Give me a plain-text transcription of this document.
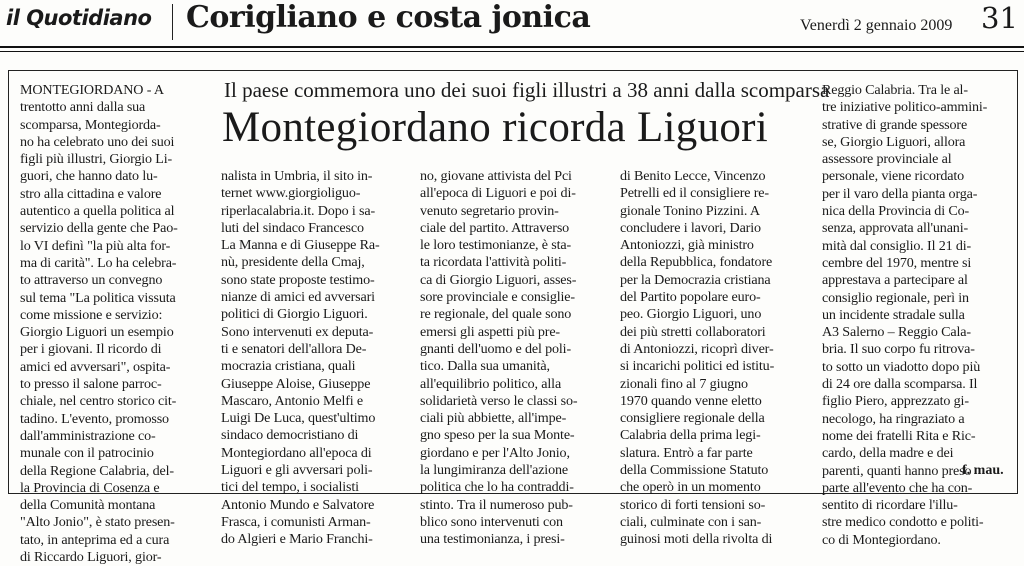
il Quotidiano Corigliano e costa jonica	Venerdì 2 gennaio 2009 31
Il paese commemora uno dei suoi figli illustri a 38 anni dalla scomparsa
Montegiordano ricorda Liguori
MONTEGIORDANO - A
trentotto anni dalla sua
scomparsa, Montegiorda-
no ha celebrato uno dei suoi
figli più illustri, Giorgio Li-
guori, che hanno dato lu-
stro alla cittadina e valore
autentico a quella politica al
servizio della gente che Pao-
lo VI definì "la più alta for-
ma di carità". Lo ha celebra-
to attraverso un convegno
sul tema "La politica vissuta
come missione e servizio:
Giorgio Liguori un esempio
per i giovani. Il ricordo di
amici ed avversari", ospita-
to presso il salone parroc-
chiale, nel centro storico cit-
tadino. L'evento, promosso
dall'amministrazione co-
munale con il patrocinio
della Regione Calabria, del-
la Provincia di Cosenza e
della Comunità montana
"Alto Jonio", è stato presen-
tato, in anteprima ed a cura
di Riccardo Liguori, gior-
nalista in Umbria, il sito in-
ternet www.giorgioliguo-
riperlacalabria.it. Dopo i sa-
luti del sindaco Francesco
La Manna e di Giuseppe Ra-
nù, presidente della Cmaj,
sono state proposte testimo-
nianze di amici ed avversari
politici di Giorgio Liguori.
Sono intervenuti ex deputa-
ti e senatori dell'allora De-
mocrazia cristiana, quali
Giuseppe Aloise, Giuseppe
Mascaro, Antonio Melfi e
Luigi De Luca, quest'ultimo
sindaco democristiano di
Montegiordano all'epoca di
Liguori e gli avversari poli-
tici del tempo, i socialisti
Antonio Mundo e Salvatore
Frasca, i comunisti Arman-
do Algieri e Mario Franchi-
no, giovane attivista del Pci
all'epoca di Liguori e poi di-
venuto segretario provin-
ciale del partito. Attraverso
le loro testimonianze, è sta-
ta ricordata l'attività politi-
ca di Giorgio Liguori, asses-
sore provinciale e consiglie-
re regionale, del quale sono
emersi gli aspetti più pre-
gnanti dell'uomo e del poli-
tico. Dalla sua umanità,
all'equilibrio politico, alla
solidarietà verso le classi so-
ciali più abbiette, all'impe-
gno speso per la sua Monte-
giordano e per l'Alto Jonio,
la lungimiranza dell'azione
politica che lo ha contraddi-
stinto. Tra il numeroso pub-
blico sono intervenuti con
una testimonianza, i presi-
di Benito Lecce, Vincenzo
Petrelli ed il consigliere re-
gionale Tonino Pizzini. A
concludere i lavori, Dario
Antoniozzi, già ministro
della Repubblica, fondatore
per la Democrazia cristiana
del Partito popolare euro-
peo. Giorgio Liguori, uno
dei più stretti collaboratori
di Antoniozzi, ricoprì diver-
si incarichi politici ed istitu-
zionali fino al 7 giugno
1970 quando venne eletto
consigliere regionale della
Calabria della prima legi-
slatura. Entrò a far parte
della Commissione Statuto
che operò in un momento
storico di forti tensioni so-
ciali, culminate con i san-
guinosi moti della rivolta di
Reggio Calabria. Tra le al-
tre iniziative politico-ammini-
strative di grande spessore
se, Giorgio Liguori, allora
assessore provinciale al
personale, viene ricordato
per il varo della pianta orga-
nica della Provincia di Co-
senza, approvata all'unani-
mità dal consiglio. Il 21 di-
cembre del 1970, mentre si
apprestava a partecipare al
consiglio regionale, perì in
un incidente stradale sulla
A3 Salerno – Reggio Cala-
bria. Il suo corpo fu ritrova-
to sotto un viadotto dopo più
di 24 ore dalla scomparsa. Il
figlio Piero, apprezzato gi-
necologo, ha ringraziato a
nome dei fratelli Rita e Ric-
cardo, della madre e dei
parenti, quanti hanno preso
parte all'evento che ha con-
sentito di ricordare l'illu-
stre medico condotto e politi-
co di Montegiordano.
f. mau.
